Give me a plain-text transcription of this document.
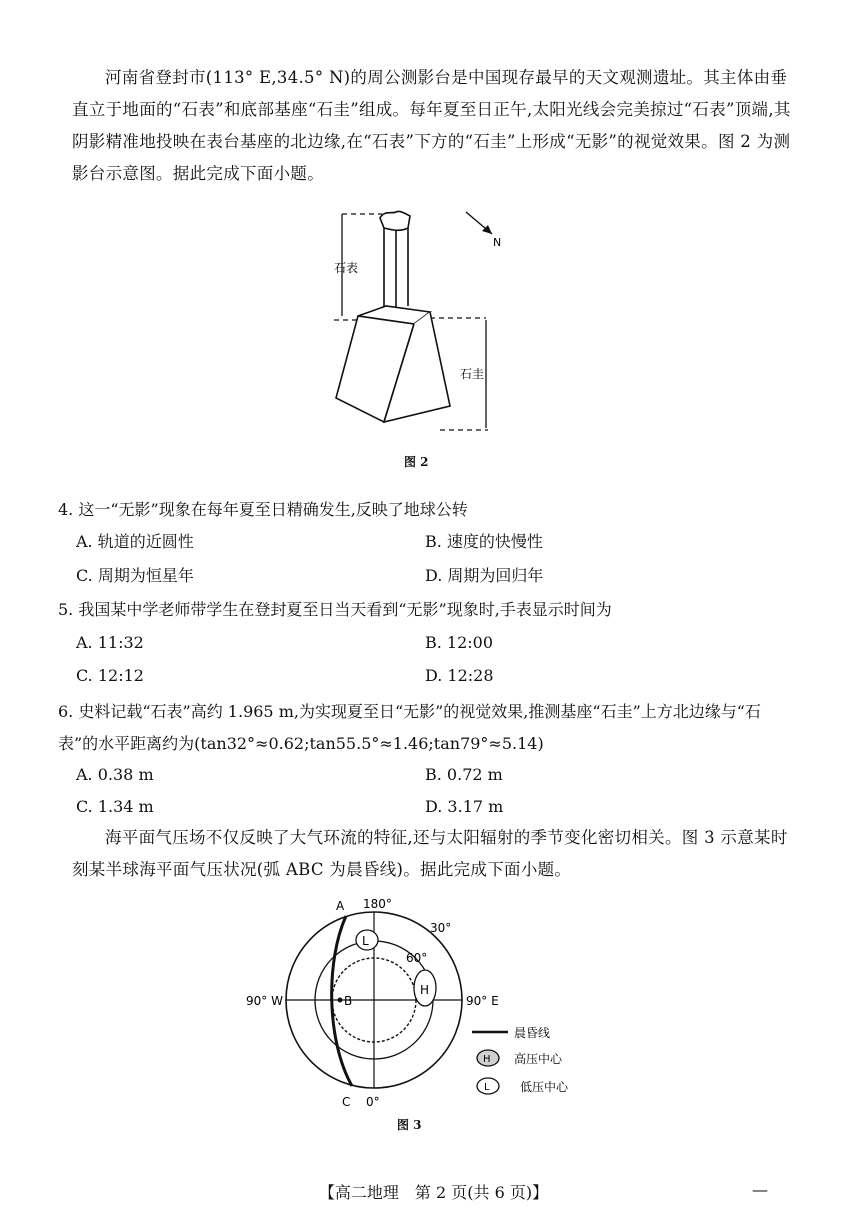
河南省登封市(113° E,34.5° N)的周公测影台是中国现存最早的天文观测遗址。其主体由垂直立于地面的“石表”和底部基座“石圭”组成。每年夏至日正午,太阳光线会完美掠过“石表”顶端,其阴影精准地投映在表台基座的北边缘,在“石表”下方的“石圭”上形成“无影”的视觉效果。图 2 为测影台示意图。据此完成下面小题。

N
石表
石圭
图 2

4. 这一“无影”现象在每年夏至日精确发生,反映了地球公转

A. 轨道的近圆性	B. 速度的快慢性
C. 周期为恒星年	D. 周期为回归年

5. 我国某中学老师带学生在登封夏至日当天看到“无影”现象时,手表显示时间为

A. 11:32	B. 12:00
C. 12:12	D. 12:28

6. 史料记载“石表”高约 1.965 m,为实现夏至日“无影”的视觉效果,推测基座“石圭”上方北边缘与“石表”的水平距离约为(tan32°≈0.62;tan55.5°≈1.46;tan79°≈5.14)

A. 0.38 m	B. 0.72 m
C. 1.34 m	D. 3.17 m

海平面气压场不仅反映了大气环流的特征,还与太阳辐射的季节变化密切相关。图 3 示意某时刻某半球海平面气压状况(弧 ABC 为晨昏线)。据此完成下面小题。

L
H
180°
0°
30°
60°
90° W	90° E
A
B
C
晨昏线
H 高压中心
L	低压中心
图 3
【高二地理　第 2 页(共 6 页)】	—
